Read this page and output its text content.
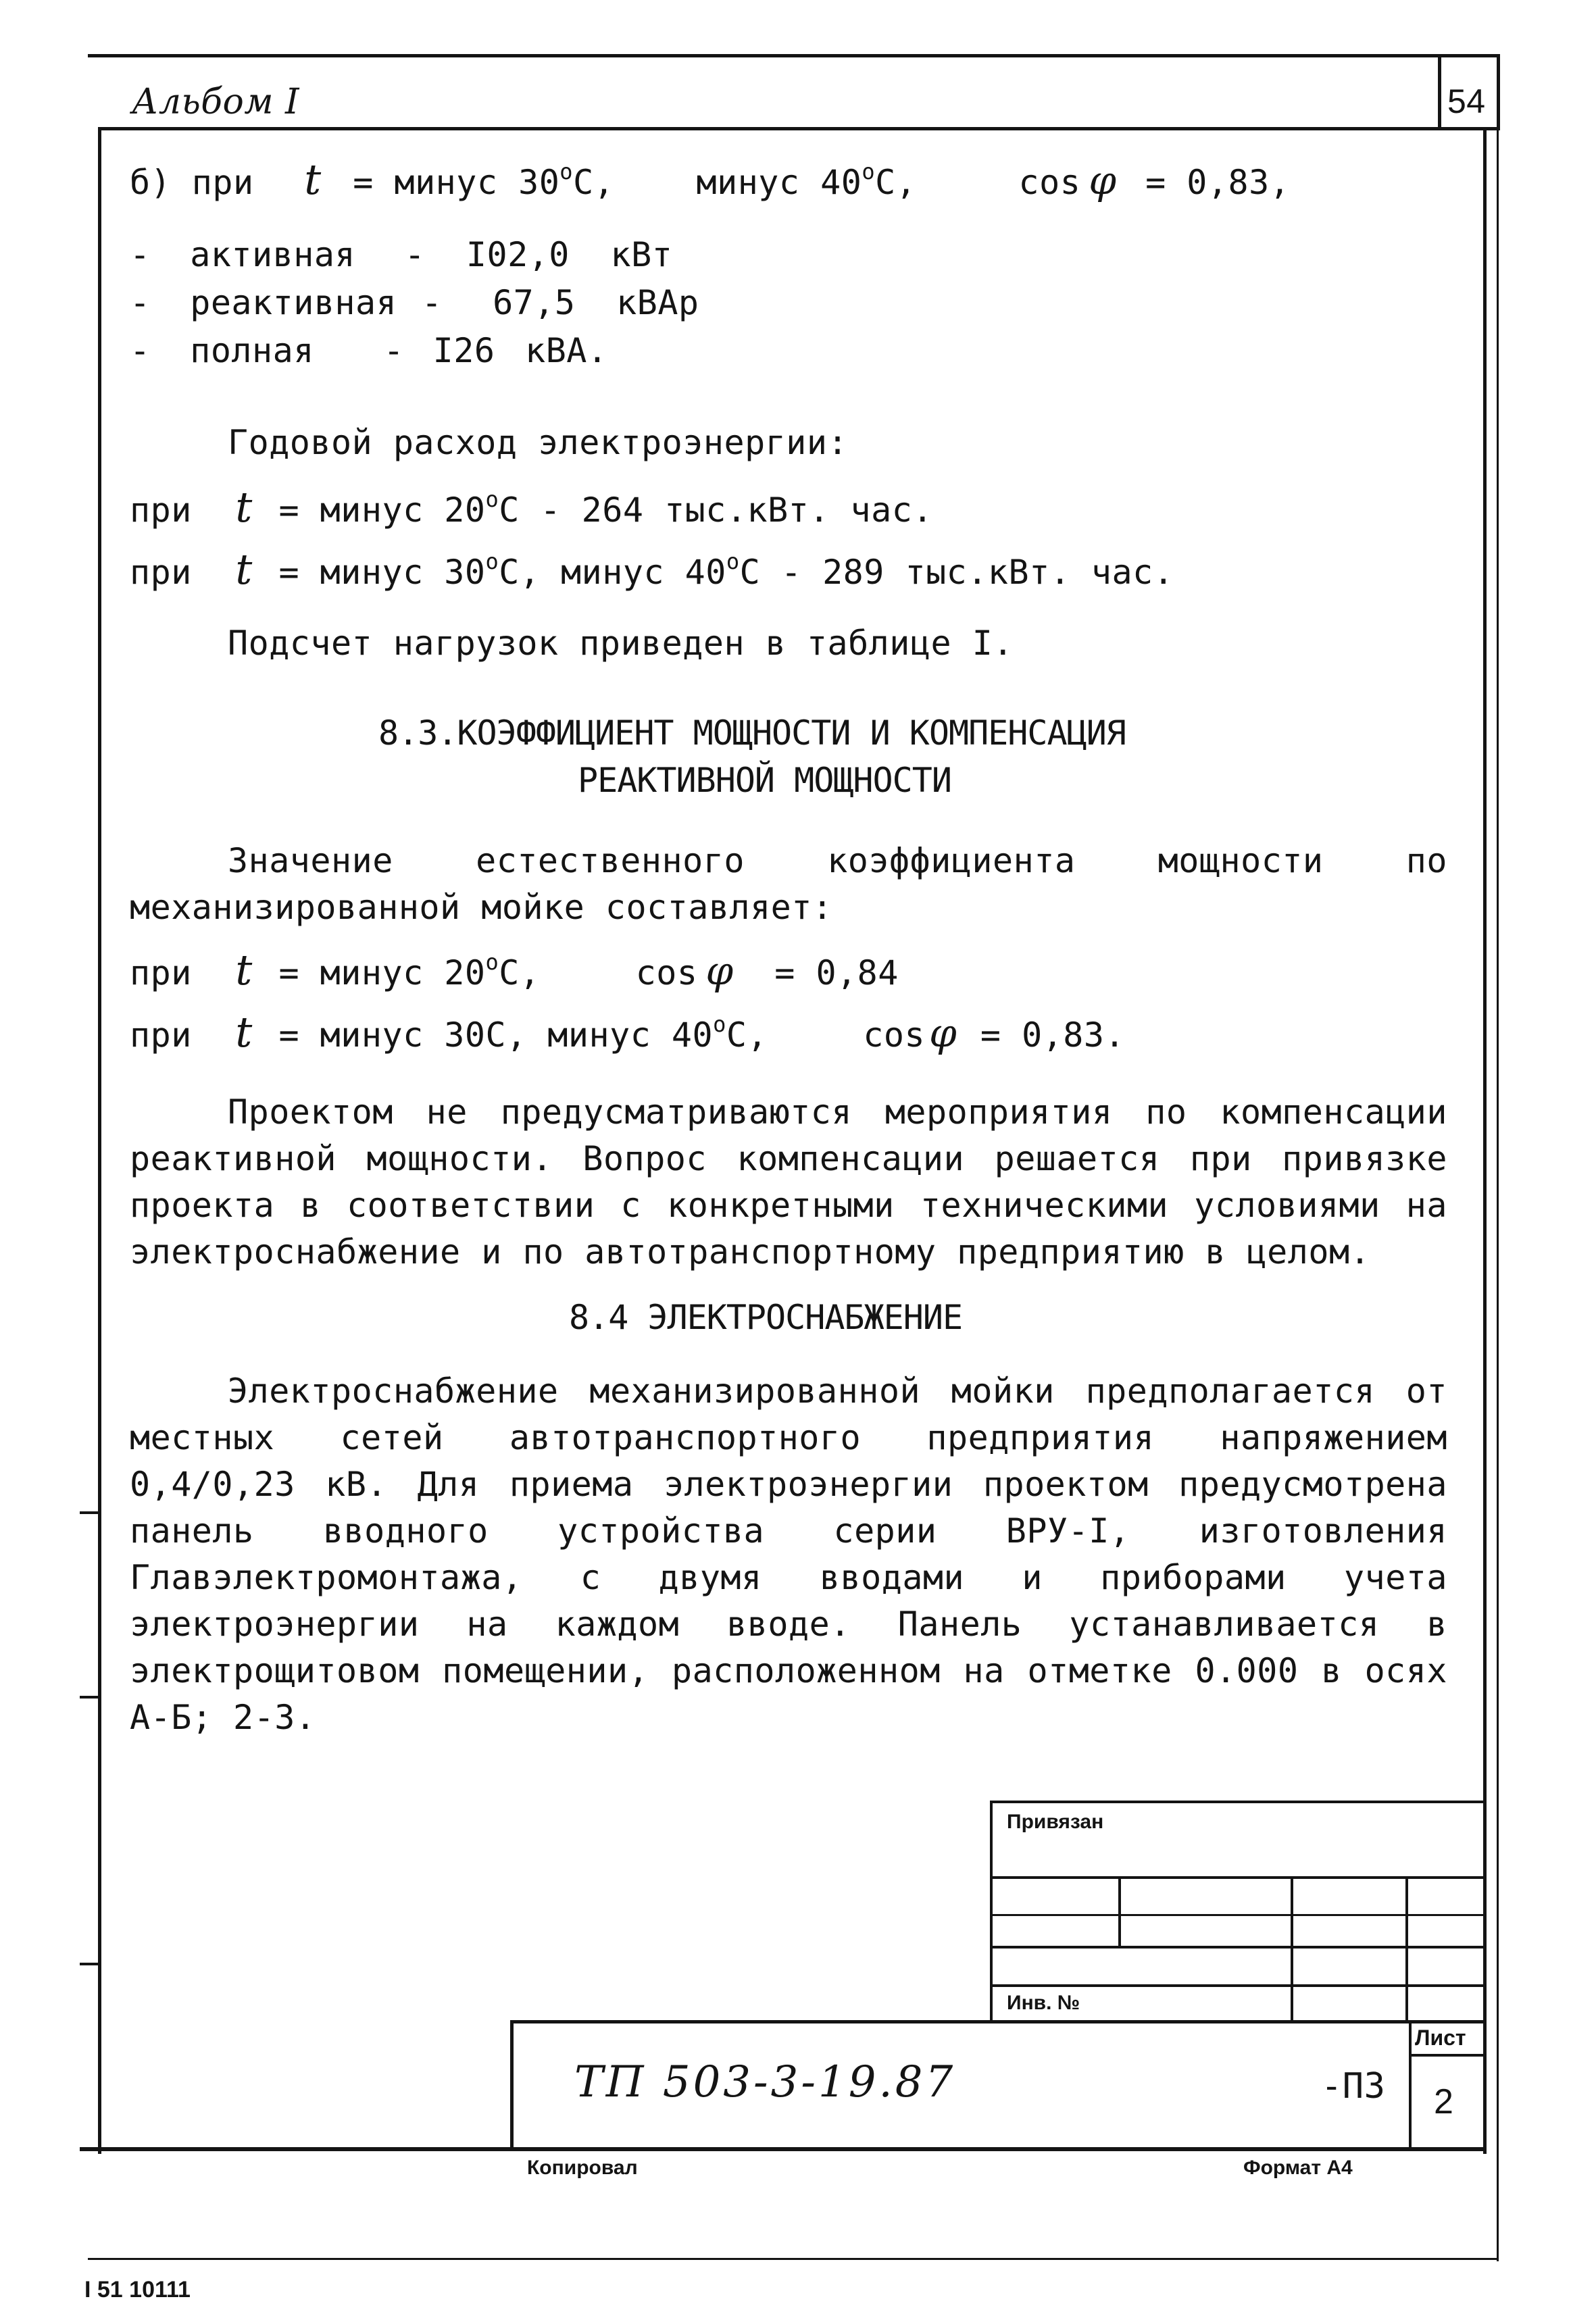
Альбом I	54
б) при t = минус $30^оС$, минус $40^оС$,	cos φ = 0,83,
- активная - I02,0 кВт
- реактивная - 67,5 кВАр
- полная - I26 кВА.
Годовой расход электроэнергии:
при t = минус $20^оС - 264$ тыс.кВт. час.
при t = минус $30^оС$, минус $40^оС - 289$ тыс.кВт. час.
Подсчет нагрузок приведен в таблице I.
8.3.КОЭФФИЦИЕНТ МОЩНОСТИ И КОМПЕНСАЦИЯ
РЕАКТИВНОЙ МОЩНОСТИ
Значение естественного коэффициента мощности по механизированной мойке составляет:
при t = минус $20^оС$,	cos φ = 0,84
при t = минус 30С, минус $40^оС$,	cos φ = 0,83.
Проектом не предусматриваются мероприятия по компенсации реактивной мощности. Вопрос компенсации решается при привязке проекта в соответствии с конкретными техническими условиями на электроснабжение и по автотранспортному предприятию в целом.
8.4 ЭЛЕКТРОСНАБЖЕНИЕ
Электроснабжение механизированной мойки предполагается от местных сетей автотранспортного предприятия напряжением 0,4/0,23 кВ. Для приема электроэнергии проектом предусмотрена панель вводного устройства серии ВРУ-I, изготовления Главэлектромонтажа, с двумя вводами и приборами учета электроэнергии на каждом вводе. Панель устанавливается в электрощитовом помещении, расположенном на отметке 0.000 в осях А-Б; 2-3.
Привязан
Инв. №
Лист
2
ТП 503-3-19.87	-ПЗ
Копировал	Формат А4
I 51 10111
